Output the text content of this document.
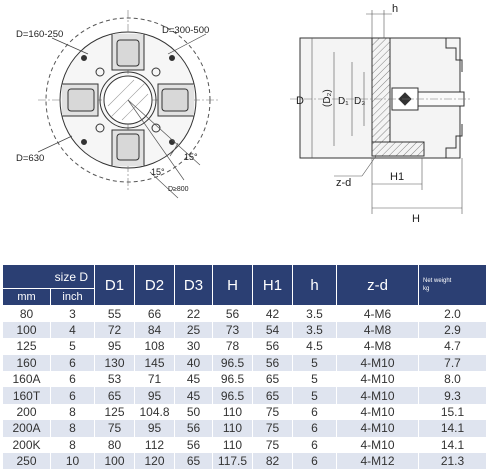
D=160-250	D=300-500
D=630	15°
15°
D≥800
h
D (D₂) D₁ D₃
z-d	H1
H
size D		D1	D2	D3	H	H1	h	z-d	Net weight
kg
mm	inch								
80	3	55	66	22	56	42	3.5	4-M6	2.0
100	4	72	84	25	73	54	3.5	4-M8	2.9
125	5	95	108	30	78	56	4.5	4-M8	4.7
160	6	130	145	40	96.5	56	5	4-M10	7.7
160A	6	53	71	45	96.5	65	5	4-M10	8.0
160T	6	65	95	45	96.5	65	5	4-M10	9.3
200	8	125	104.8	50	110	75	6	4-M10	15.1
200A	8	75	95	56	110	75	6	4-M10	14.1
200K	8	80	112	56	110	75	6	4-M10	14.1
250	10	100	120	65	117.5	82	6	4-M12	21.3
